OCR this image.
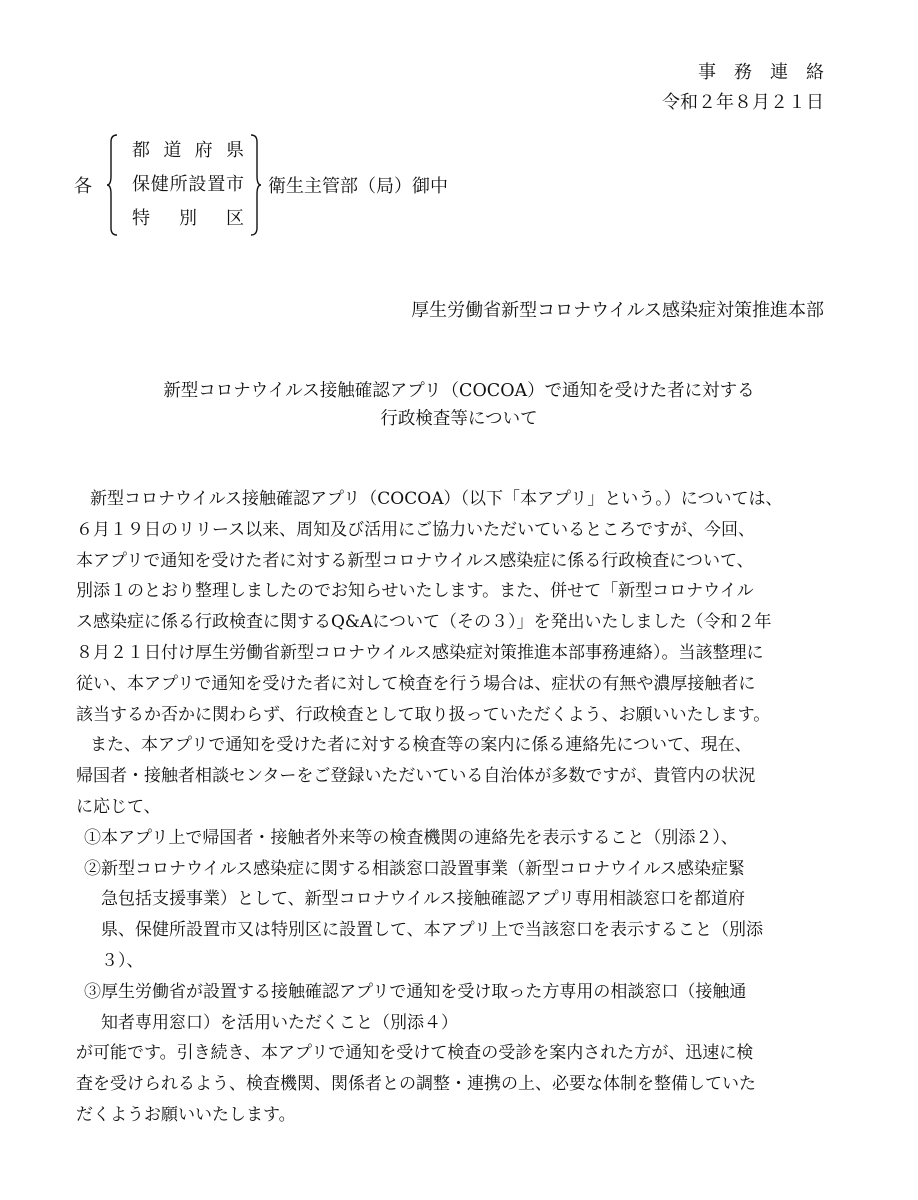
事務連絡
令和２年８月２１日
各
都道府県
保健所設置市
特別区
衛生主管部（局）御中
厚生労働省新型コロナウイルス感染症対策推進本部
新型コロナウイルス接触確認アプリ（COCOA）で通知を受けた者に対する
行政検査等について

新型コロナウイルス接触確認アプリ（COCOA）（以下「本アプリ」という。）については、

６月１９日のリリース以来、周知及び活用にご協力いただいているところですが、今回、

本アプリで通知を受けた者に対する新型コロナウイルス感染症に係る行政検査について、

別添１のとおり整理しましたのでお知らせいたします。また、併せて「新型コロナウイル

ス感染症に係る行政検査に関するQ&Aについて（その３）」を発出いたしました（令和２年

８月２１日付け厚生労働省新型コロナウイルス感染症対策推進本部事務連絡）。当該整理に

従い、本アプリで通知を受けた者に対して検査を行う場合は、症状の有無や濃厚接触者に

該当するか否かに関わらず、行政検査として取り扱っていただくよう、お願いいたします。

また、本アプリで通知を受けた者に対する検査等の案内に係る連絡先について、現在、

帰国者・接触者相談センターをご登録いただいている自治体が多数ですが、貴管内の状況

に応じて、

①本アプリ上で帰国者・接触者外来等の検査機関の連絡先を表示すること（別添２）、

②新型コロナウイルス感染症に関する相談窓口設置事業（新型コロナウイルス感染症緊

急包括支援事業）として、新型コロナウイルス接触確認アプリ専用相談窓口を都道府

県、保健所設置市又は特別区に設置して、本アプリ上で当該窓口を表示すること（別添

３）、

③厚生労働省が設置する接触確認アプリで通知を受け取った方専用の相談窓口（接触通

知者専用窓口）を活用いただくこと（別添４）

が可能です。引き続き、本アプリで通知を受けて検査の受診を案内された方が、迅速に検

査を受けられるよう、検査機関、関係者との調整・連携の上、必要な体制を整備していた

だくようお願いいたします。
